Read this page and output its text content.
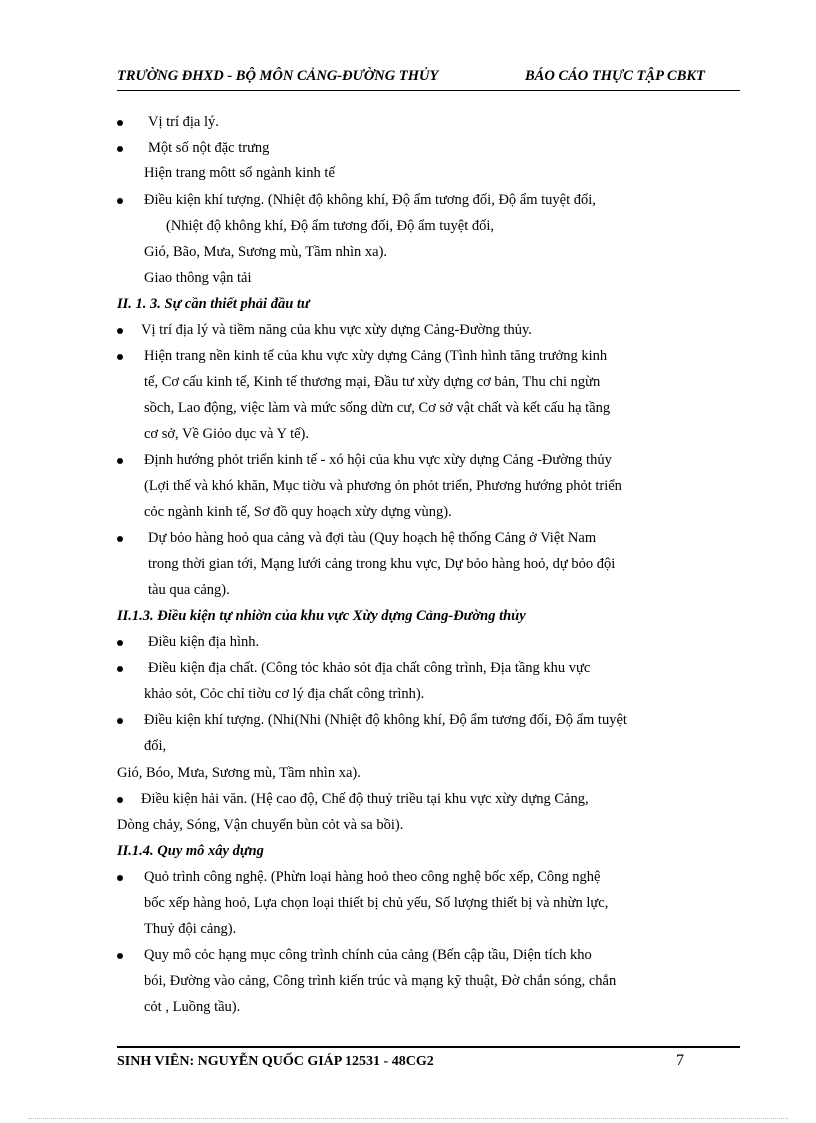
TRƯỜNG ĐHXD - BỘ MÔN CẢNG-ĐƯỜNG THỦY	BÁO CÁO THỰC TẬP CBKT
Vị trí địa lý.
Một số nột đặc trưng
Hiện trang môtt số ngành kinh tế
Điều kiện khí tượng. (Nhiệt độ không khí, Độ ẩm tương đối, Độ ẩm tuyệt đối,
(Nhiệt độ không khí, Độ ẩm tương đối, Độ ẩm tuyệt đối,
Gió, Bão, Mưa, Sương mù, Tầm nhìn xa).
Giao thông vận tải
II. 1. 3. Sự cần thiết phải đầu tư
Vị trí địa lý và tiềm năng của khu vực xừy dựng Cảng-Đường thủy.
Hiện trang nền kinh tế của khu vực xừy dựng Cảng (Tình hình tăng trưởng kinh
tế, Cơ cấu kinh tế, Kinh tế thương mại, Đầu tư xừy dựng cơ bản, Thu chi ngừn
sồch, Lao động, việc làm và mức sống dừn cư, Cơ sở vật chất và kết cấu hạ tầng
cơ sở, Về Giỏo dục và Y tế).
Định hướng phỏt triển kinh tế - xó hội của khu vực xừy dựng Cảng -Đường thủy
(Lợi thế và khó khăn, Mục tiờu và phương ỏn phỏt triển, Phương hướng phỏt triển
cỏc ngành kinh tế, Sơ đồ quy hoạch xừy dựng vùng).
Dự bỏo hàng hoỏ qua cảng và đợi tàu (Quy hoạch hệ thống Cảng ở Việt Nam
trong thời gian tới, Mạng lưới cảng trong khu vực, Dự bỏo hàng hoỏ, dự bỏo đội
tàu qua cảng).
II.1.3. Điều kiện tự nhiờn của khu vực Xừy dựng Cảng-Đường thủy
Điều kiện địa hình.
Điều kiện địa chất. (Công tỏc khảo sỏt địa chất công trình, Địa tầng khu vực
khảo sỏt, Cỏc chỉ tiờu cơ lý địa chất công trình).
Điều kiện khí tượng. (Nhi(Nhi (Nhiệt độ không khí, Độ ẩm tương đối, Độ ẩm tuyệt
đối,
Gió, Bóo, Mưa, Sương mù, Tầm nhìn xa).
Điều kiện hải văn. (Hệ cao độ, Chế độ thuỷ triều tại khu vực xừy dựng Cảng,
Dòng chảy, Sóng, Vận chuyển bùn cỏt và sa bồi).
II.1.4. Quy mô xây dựng
Quỏ trình công nghệ. (Phừn loại hàng hoỏ theo công nghệ bốc xếp, Công nghệ
bốc xếp hàng hoỏ, Lựa chọn loại thiết bị chủ yếu, Số lượng thiết bị và nhừn lực,
Thuỷ đội cảng).
Quy mô cỏc hạng mục công trình chính của cảng (Bến cập tầu, Diện tích kho
bói, Đường vào cảng, Công trình kiến trúc và mạng kỹ thuật, Đờ chắn sóng, chắn
cỏt , Luồng tầu).
SINH VIÊN: NGUYỄN QUỐC GIÁP 12531 - 48CG2	7
